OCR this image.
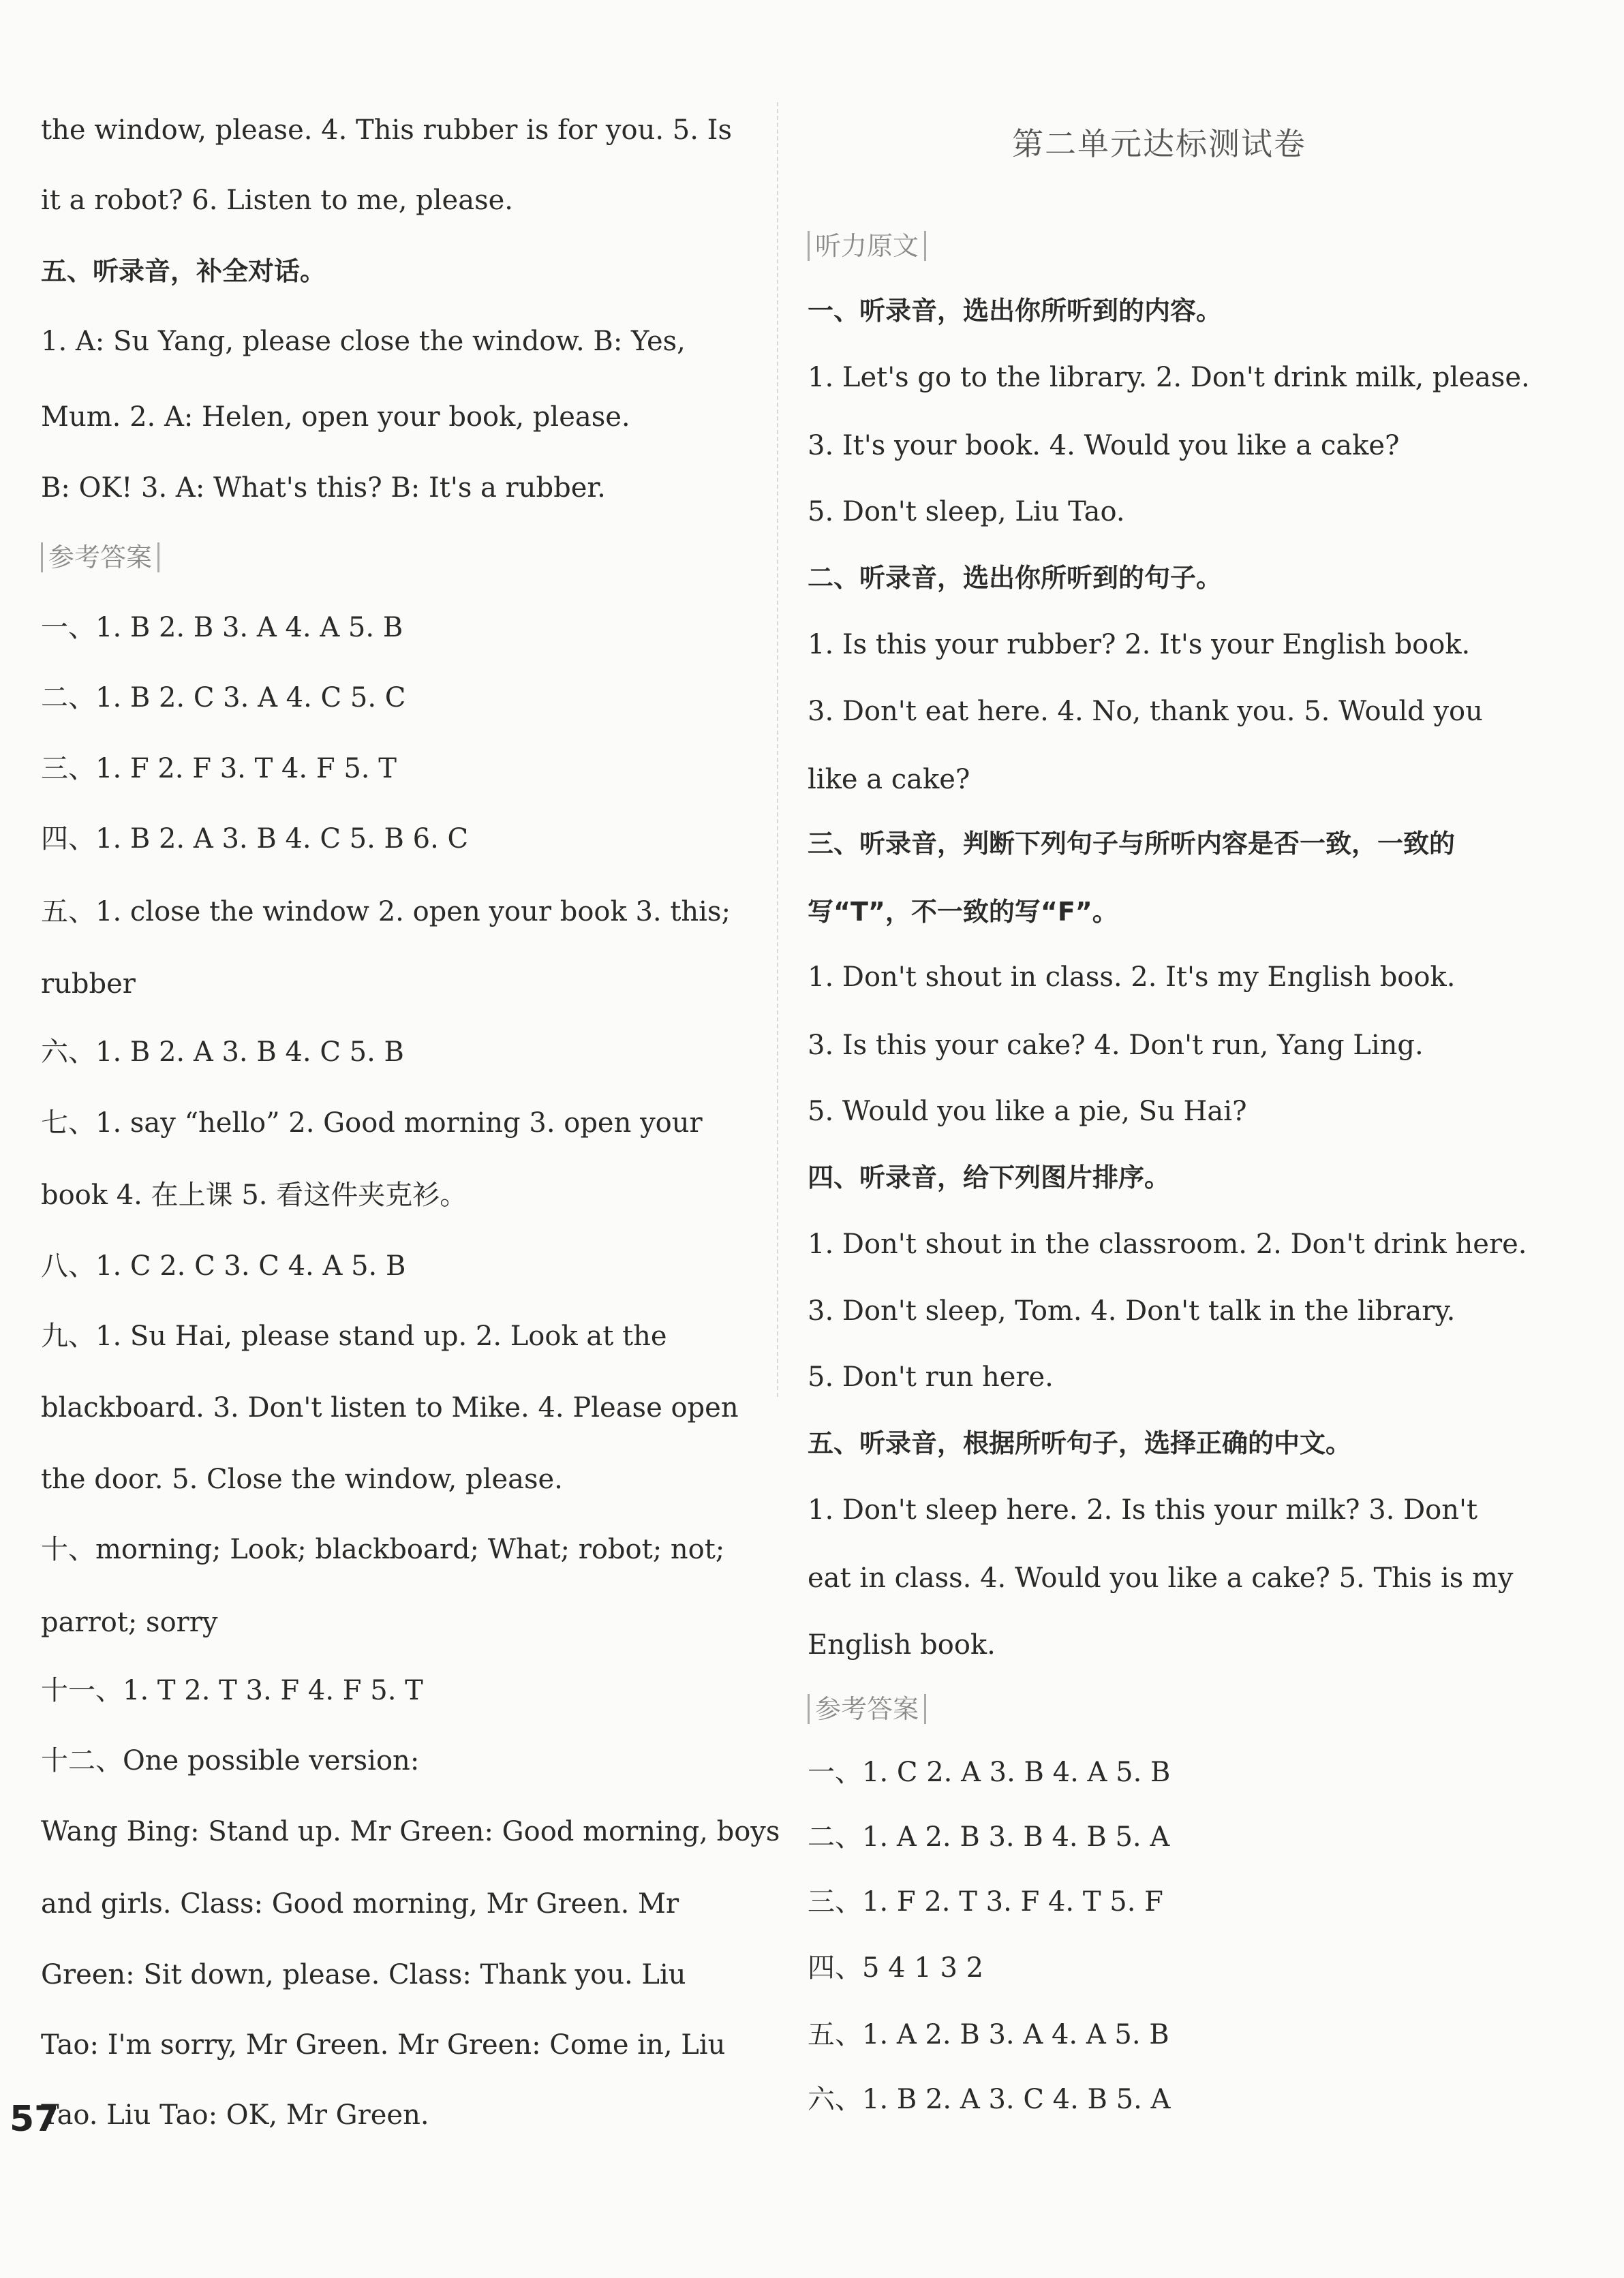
the window, please. 4. This rubber is for you. 5. Is
it a robot? 6. Listen to me, please.
五、听录音，补全对话。
1. A: Su Yang, please close the window. B: Yes,
Mum. 2. A: Helen, open your book, please.
B: OK! 3. A: What's this? B: It's a rubber.
参考答案
一、1. B 2. B 3. A 4. A 5. B
二、1. B 2. C 3. A 4. C 5. C
三、1. F 2. F 3. T 4. F 5. T
四、1. B 2. A 3. B 4. C 5. B 6. C
五、1. close the window 2. open your book 3. this;
rubber
六、1. B 2. A 3. B 4. C 5. B
七、1. say “hello” 2. Good morning 3. open your
book 4. 在上课 5. 看这件夹克衫。
八、1. C 2. C 3. C 4. A 5. B
九、1. Su Hai, please stand up. 2. Look at the
blackboard. 3. Don't listen to Mike. 4. Please open
the door. 5. Close the window, please.
十、morning; Look; blackboard; What; robot; not;
parrot; sorry
十一、1. T 2. T 3. F 4. F 5. T
十二、One possible version:
Wang Bing: Stand up. Mr Green: Good morning, boys
and girls. Class: Good morning, Mr Green. Mr
Green: Sit down, please. Class: Thank you. Liu
Tao: I'm sorry, Mr Green. Mr Green: Come in, Liu
Tao. Liu Tao: OK, Mr Green.
第二单元达标测试卷
听力原文
一、听录音，选出你所听到的内容。
1. Let's go to the library. 2. Don't drink milk, please.
3. It's your book. 4. Would you like a cake?
5. Don't sleep, Liu Tao.
二、听录音，选出你所听到的句子。
1. Is this your rubber? 2. It's your English book.
3. Don't eat here. 4. No, thank you. 5. Would you
like a cake?
三、听录音，判断下列句子与所听内容是否一致，一致的
写“T”，不一致的写“F”。
1. Don't shout in class. 2. It's my English book.
3. Is this your cake? 4. Don't run, Yang Ling.
5. Would you like a pie, Su Hai?
四、听录音，给下列图片排序。
1. Don't shout in the classroom. 2. Don't drink here.
3. Don't sleep, Tom. 4. Don't talk in the library.
5. Don't run here.
五、听录音，根据所听句子，选择正确的中文。
1. Don't sleep here. 2. Is this your milk? 3. Don't
eat in class. 4. Would you like a cake? 5. This is my
English book.
参考答案
一、1. C 2. A 3. B 4. A 5. B
二、1. A 2. B 3. B 4. B 5. A
三、1. F 2. T 3. F 4. T 5. F
四、5 4 1 3 2
五、1. A 2. B 3. A 4. A 5. B
六、1. B 2. A 3. C 4. B 5. A
57
